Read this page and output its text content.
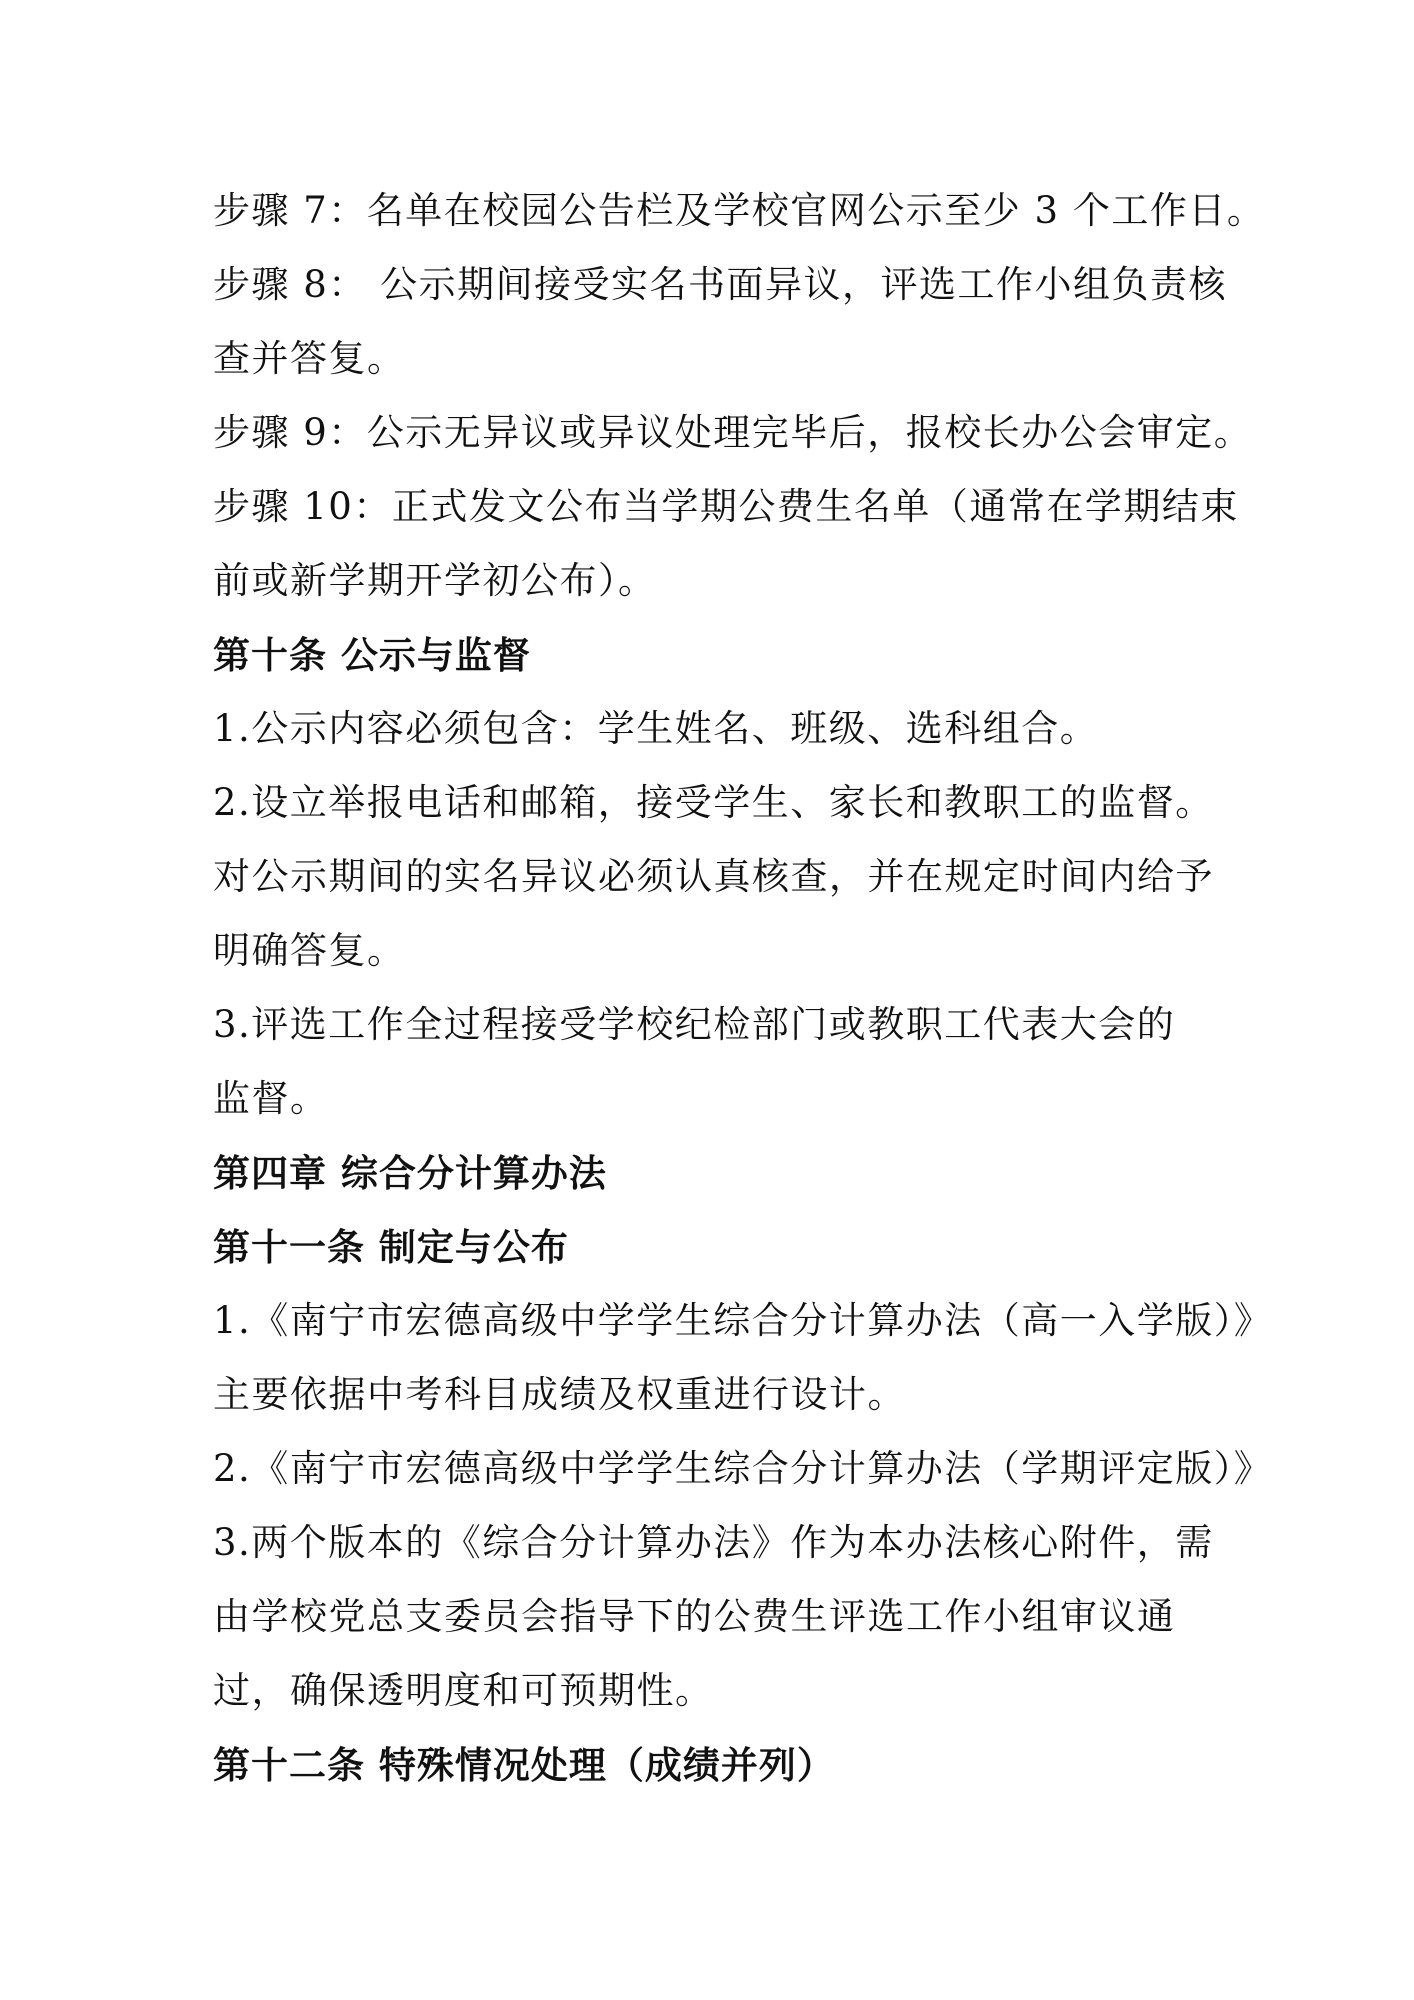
步骤 7：名单在校园公告栏及学校官网公示至少 3 个工作日。
步骤 8： 公示期间接受实名书面异议，评选工作小组负责核
查并答复。
步骤 9：公示无异议或异议处理完毕后，报校长办公会审定。
步骤 10：正式发文公布当学期公费生名单（通常在学期结束
前或新学期开学初公布）。
第十条 公示与监督
1.公示内容必须包含：学生姓名、班级、选科组合。
2.设立举报电话和邮箱，接受学生、家长和教职工的监督。
对公示期间的实名异议必须认真核查，并在规定时间内给予
明确答复。
3.评选工作全过程接受学校纪检部门或教职工代表大会的
监督。
第四章 综合分计算办法
第十一条 制定与公布
1.《南宁市宏德高级中学学生综合分计算办法（高一入学版）》
主要依据中考科目成绩及权重进行设计。
2.《南宁市宏德高级中学学生综合分计算办法（学期评定版）》
3.两个版本的《综合分计算办法》作为本办法核心附件，需
由学校党总支委员会指导下的公费生评选工作小组审议通
过，确保透明度和可预期性。
第十二条 特殊情况处理（成绩并列）
